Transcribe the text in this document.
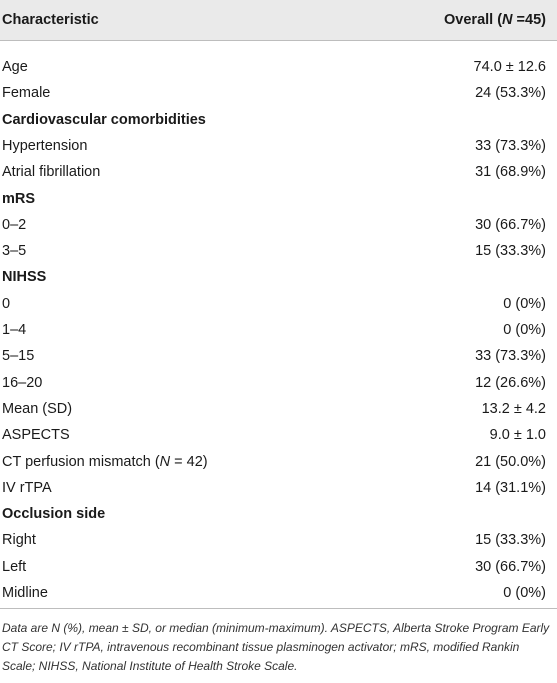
Characteristic	Overall (N =45)
Age	74.0 ± 12.6
Female	24 (53.3%)
Cardiovascular comorbidities
Hypertension	33 (73.3%)
Atrial fibrillation	31 (68.9%)
mRS
0–2	30 (66.7%)
3–5	15 (33.3%)
NIHSS
0	0 (0%)
1–4	0 (0%)
5–15	33 (73.3%)
16–20	12 (26.6%)
Mean (SD)	13.2 ± 4.2
ASPECTS	9.0 ± 1.0
CT perfusion mismatch (N = 42)	21 (50.0%)
IV rTPA	14 (31.1%)
Occlusion side
Right	15 (33.3%)
Left	30 (66.7%)
Midline	0 (0%)
Data are N (%), mean ± SD, or median (minimum-maximum). ASPECTS, Alberta Stroke Program Early CT Score; IV rTPA, intravenous recombinant tissue plasminogen activator; mRS, modified Rankin Scale; NIHSS, National Institute of Health Stroke Scale.
